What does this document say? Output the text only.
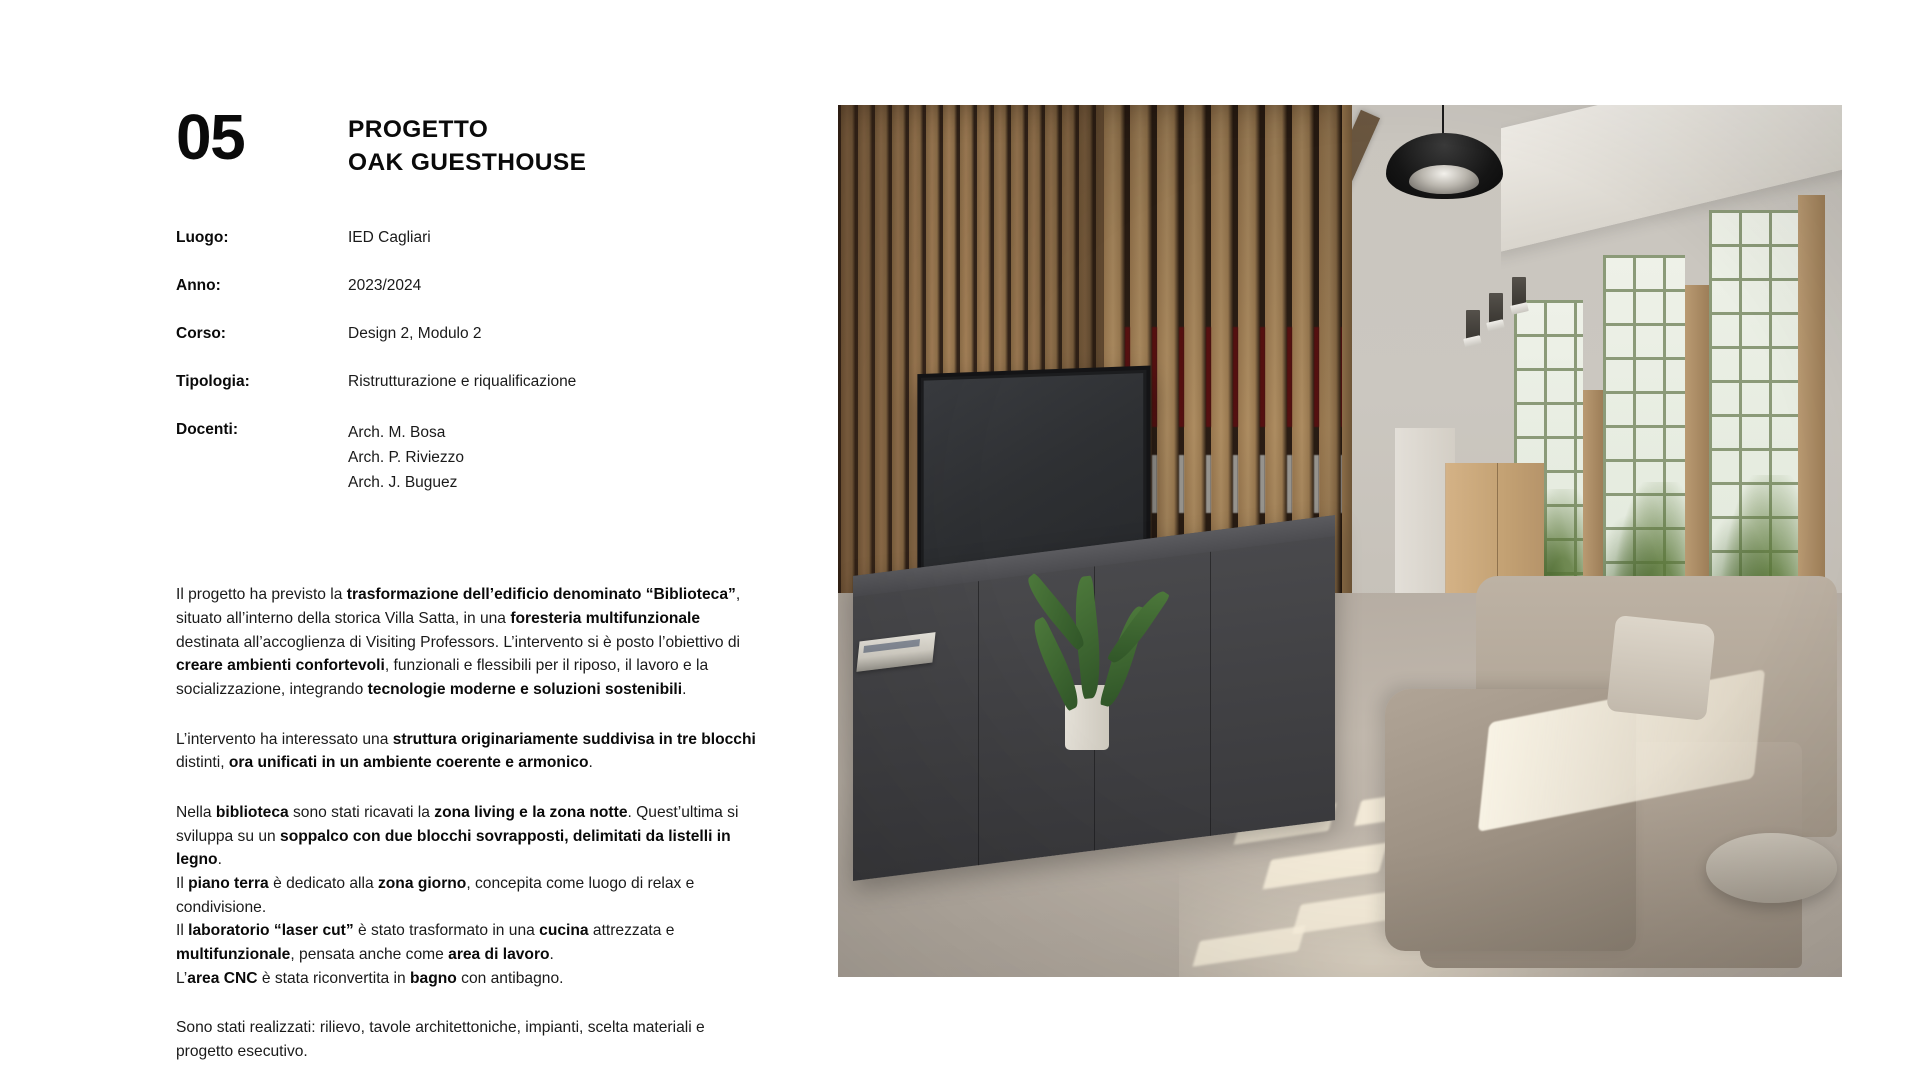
05	PROGETTO
OAK GUESTHOUSE
Luogo:	IED Cagliari
Anno:	2023/2024
Corso:	Design 2, Modulo 2
Tipologia:	Ristrutturazione e riqualificazione
Docenti:	Arch. M. Bosa
Arch. P. Riviezzo
Arch. J. Buguez

Il progetto ha previsto la trasformazione dell’edificio denominato “Biblioteca”, situato all’interno della storica Villa Satta, in una foresteria multifunzionale destinata all’accoglienza di Visiting Professors. L’intervento si è posto l’obiettivo di creare ambienti confortevoli, funzionali e flessibili per il riposo, il lavoro e la socializzazione, integrando tecnologie moderne e soluzioni sostenibili.

L’intervento ha interessato una struttura originariamente suddivisa in tre blocchi distinti, ora unificati in un ambiente coerente e armonico.

Nella biblioteca sono stati ricavati la zona living e la zona notte. Quest’ultima si sviluppa su un soppalco con due blocchi sovrapposti, delimitati da listelli in legno.
Il piano terra è dedicato alla zona giorno, concepita come luogo di relax e condivisione.
Il laboratorio “laser cut” è stato trasformato in una cucina attrezzata e multifunzionale, pensata anche come area di lavoro.
L’area CNC è stata riconvertita in bagno con antibagno.

Sono stati realizzati: rilievo, tavole architettoniche, impianti, scelta materiali e progetto esecutivo.
